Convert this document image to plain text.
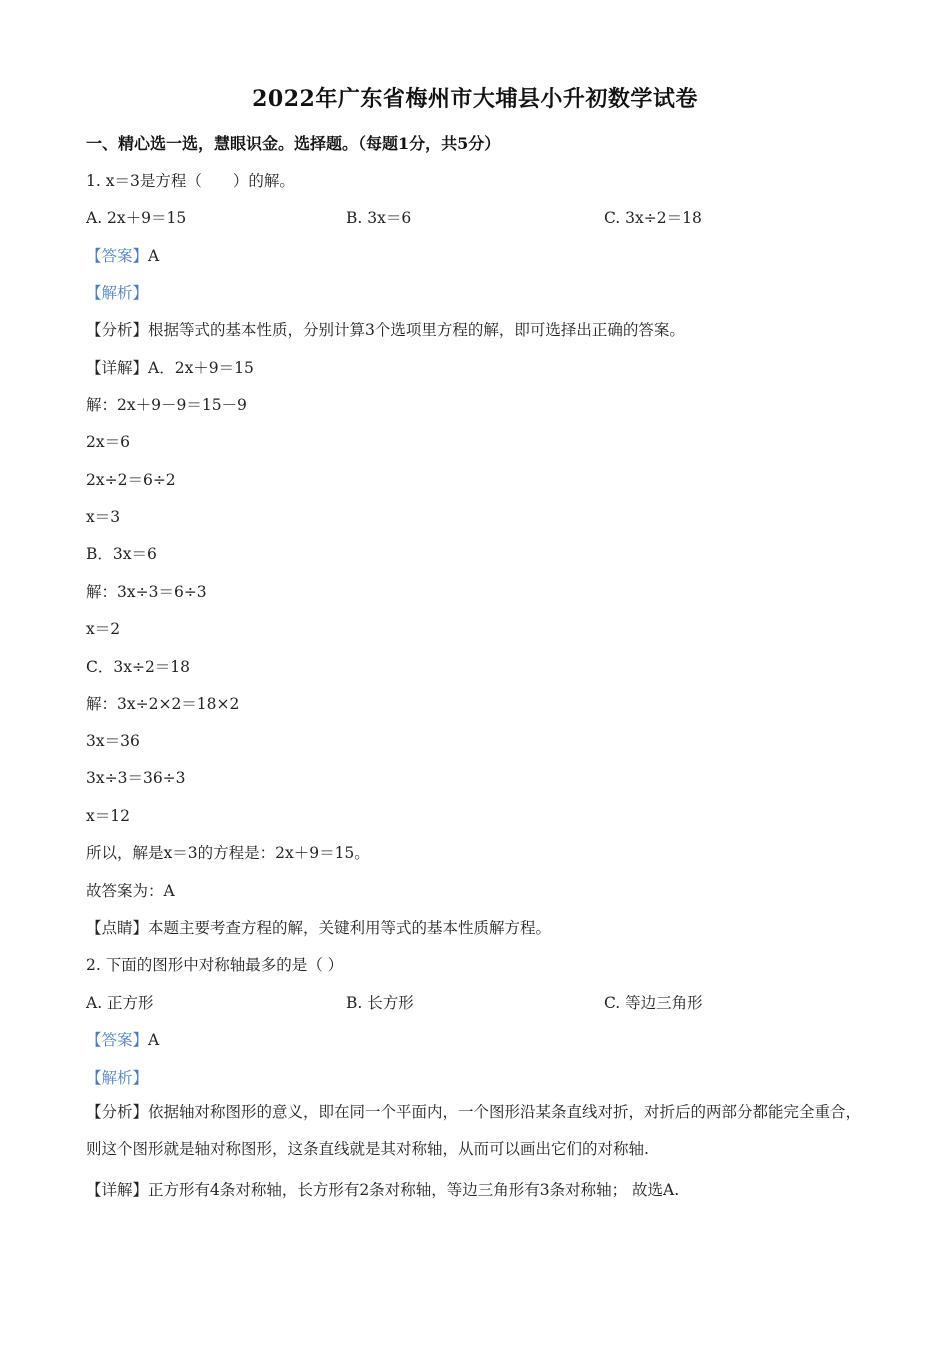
2022年广东省梅州市大埔县小升初数学试卷
一、精心选一选，慧眼识金。选择题。（每题1分，共5分）
1. x＝3是方程（　　）的解。
A. 2x＋9＝15	B. 3x＝6	C. 3x÷2＝18
【答案】A
【解析】
【分析】根据等式的基本性质，分别计算3个选项里方程的解，即可选择出正确的答案。
【详解】A．2x＋9＝15
解：2x＋9－9＝15－9
2x＝6
2x÷2＝6÷2
x＝3
B．3x＝6
解：3x÷3＝6÷3
x＝2
C．3x÷2＝18
解：3x÷2×2＝18×2
3x＝36
3x÷3＝36÷3
x＝12
所以，解是x＝3的方程是：2x＋9＝15。
故答案为：A
【点睛】本题主要考查方程的解，关键利用等式的基本性质解方程。
2. 下面的图形中对称轴最多的是（ ）
A. 正方形	B. 长方形	C. 等边三角形
【答案】A
【解析】
【分析】依据轴对称图形的意义，即在同一个平面内，一个图形沿某条直线对折，对折后的两部分都能完全重合，则这个图形就是轴对称图形，这条直线就是其对称轴，从而可以画出它们的对称轴.
【详解】正方形有4条对称轴，长方形有2条对称轴，等边三角形有3条对称轴； 故选A.
